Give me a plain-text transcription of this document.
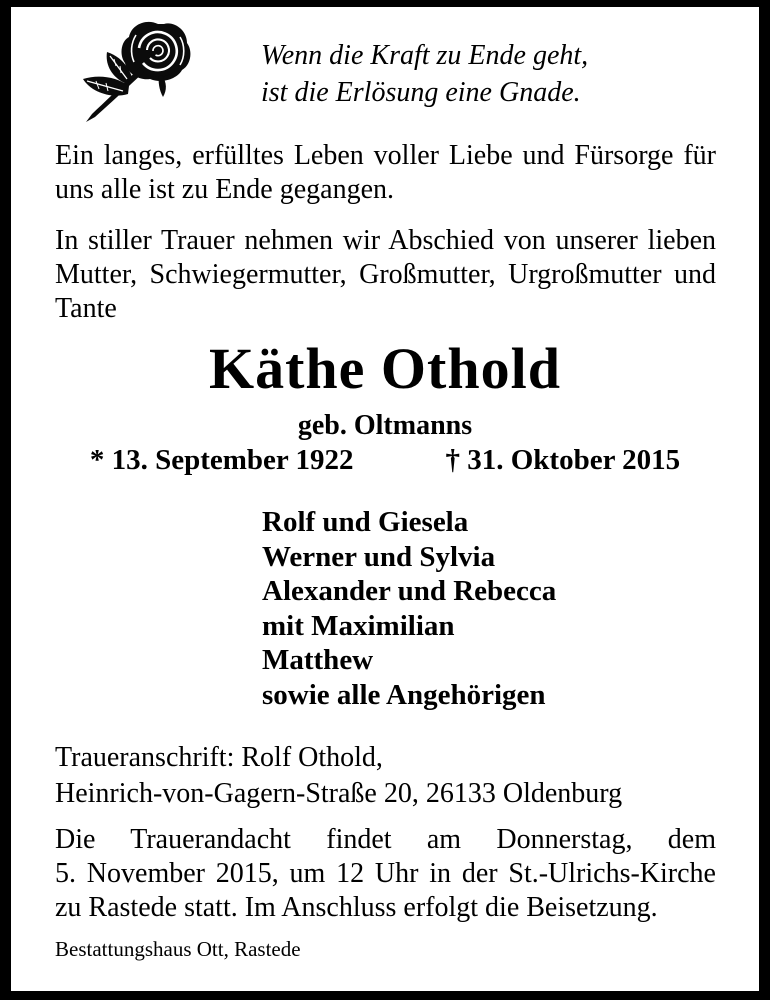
Wenn die Kraft zu Ende geht,
ist die Erlösung eine Gnade.

Ein langes, erfülltes Leben voller Liebe und Fürsorge für uns alle ist zu Ende gegangen.

In stiller Trauer nehmen wir Abschied von unserer lieben Mutter, Schwiegermutter, Großmutter, Urgroßmutter und Tante

Käthe Othold
geb. Oltmanns
* 13. September 1922	† 31. Oktober 2015
Rolf und Giesela
Werner und Sylvia
Alexander und Rebecca
mit Maximilian
Matthew
sowie alle Angehörigen
Traueranschrift: Rolf Othold,
Heinrich-von-Gagern-Straße 20, 26133 Oldenburg

Die Trauerandacht findet am Donnerstag, dem 5. November 2015, um 12 Uhr in der St.-Ulrichs-Kirche zu Rastede statt. Im Anschluss erfolgt die Beisetzung.

Bestattungshaus Ott, Rastede
